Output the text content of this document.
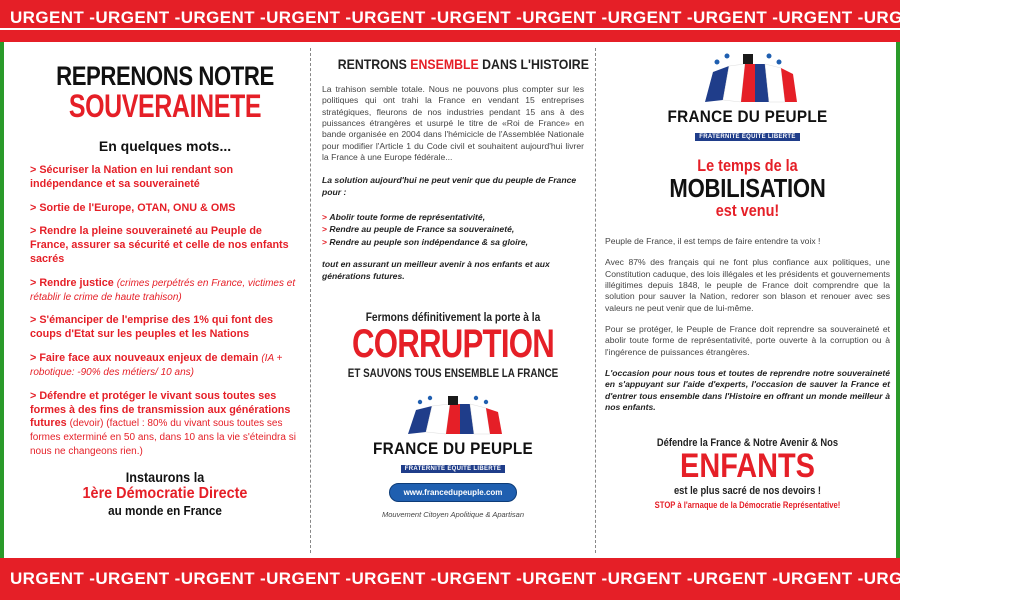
URGENT - URGENT - URGENT - URGENT - URGENT - URGENT - URGENT - URGENT - URGENT - URGENT - URGENT - URGENT
REPRENONS NOTRE
SOUVERAINETE
En quelques mots...
> Sécuriser la Nation en lui rendant son indépendance et sa souveraineté
> Sortie de l'Europe, OTAN, ONU & OMS
> Rendre la pleine souveraineté au Peuple de France, assurer sa sécurité et celle de nos enfants sacrés
> Rendre justice (crimes perpétrés en France, victimes et rétablir le crime de haute trahison)
> S'émanciper de l'emprise des 1% qui font des coups d'Etat sur les peuples et les Nations
> Faire face aux nouveaux enjeux de demain (IA + robotique: -90% des métiers/ 10 ans)
> Défendre et protéger le vivant sous toutes ses formes à des fins de transmission aux générations futures (devoir) (factuel : 80% du vivant sous toutes ses formes exterminé en 50 ans, dans 10 ans la vie s'éteindra si nous ne changeons rien.)
Instaurons la
1ère Démocratie Directe
au monde en France
RENTRONS ENSEMBLE DANS L'HISTOIRE
La trahison semble totale. Nous ne pouvons plus compter sur les politiques qui ont trahi la France en vendant 15 entreprises stratégiques, fleurons de nos industries pendant 15 ans à des puissances étrangères et usurpé le titre de «Roi de France» en bande organisée en 2004 dans l'hémicicle de l'Assemblée Nationale pour modifier l'Article 1 du Code civil et souhaitent aujourd'hui livrer la France à une Europe fédérale...
La solution aujourd'hui ne peut venir que du peuple de France pour :
> Abolir toute forme de représentativité,
> Rendre au peuple de France sa souveraineté,
> Rendre au peuple son indépendance & sa gloire,
tout en assurant un meilleur avenir à nos enfants et aux générations futures.
Fermons définitivement la porte à la
CORRUPTION
ET SAUVONS TOUS ENSEMBLE LA FRANCE
FRANCE DU PEUPLE
FRATERNITÉ ÉQUITÉ LIBERTÉ
www.francedupeuple.com
Mouvement Citoyen Apolitique & Apartisan
FRANCE DU PEUPLE
FRATERNITÉ ÉQUITÉ LIBERTÉ
Le temps de la
MOBILISATION
est venu!
Peuple de France, il est temps de faire entendre ta voix !
Avec 87% des français qui ne font plus confiance aux politiques, une Constitution caduque, des lois illégales et les présidents et gouvernements illégitimes depuis 1848, le peuple de France doit comprendre que la solution pour sauver la Nation, redorer son blason et renouer avec ses valeurs ne peut venir que de lui-même.
Pour se protéger, le Peuple de France doit reprendre sa souveraineté et abolir toute forme de représentativité, porte ouverte à la corruption ou à l'ingérence de puissances étrangères.
L'occasion pour nous tous et toutes de reprendre notre souveraineté en s'appuyant sur l'aide d'experts, l'occasion de sauver la France et d'entrer tous ensemble dans l'Histoire en offrant un monde meilleur à nos enfants.
Défendre la France & Notre Avenir & Nos
ENFANTS
est le plus sacré de nos devoirs !
STOP à l'arnaque de la Démocratie Représentative!
URGENT - URGENT - URGENT - URGENT - URGENT - URGENT - URGENT - URGENT - URGENT - URGENT - URGENT - URGENT
